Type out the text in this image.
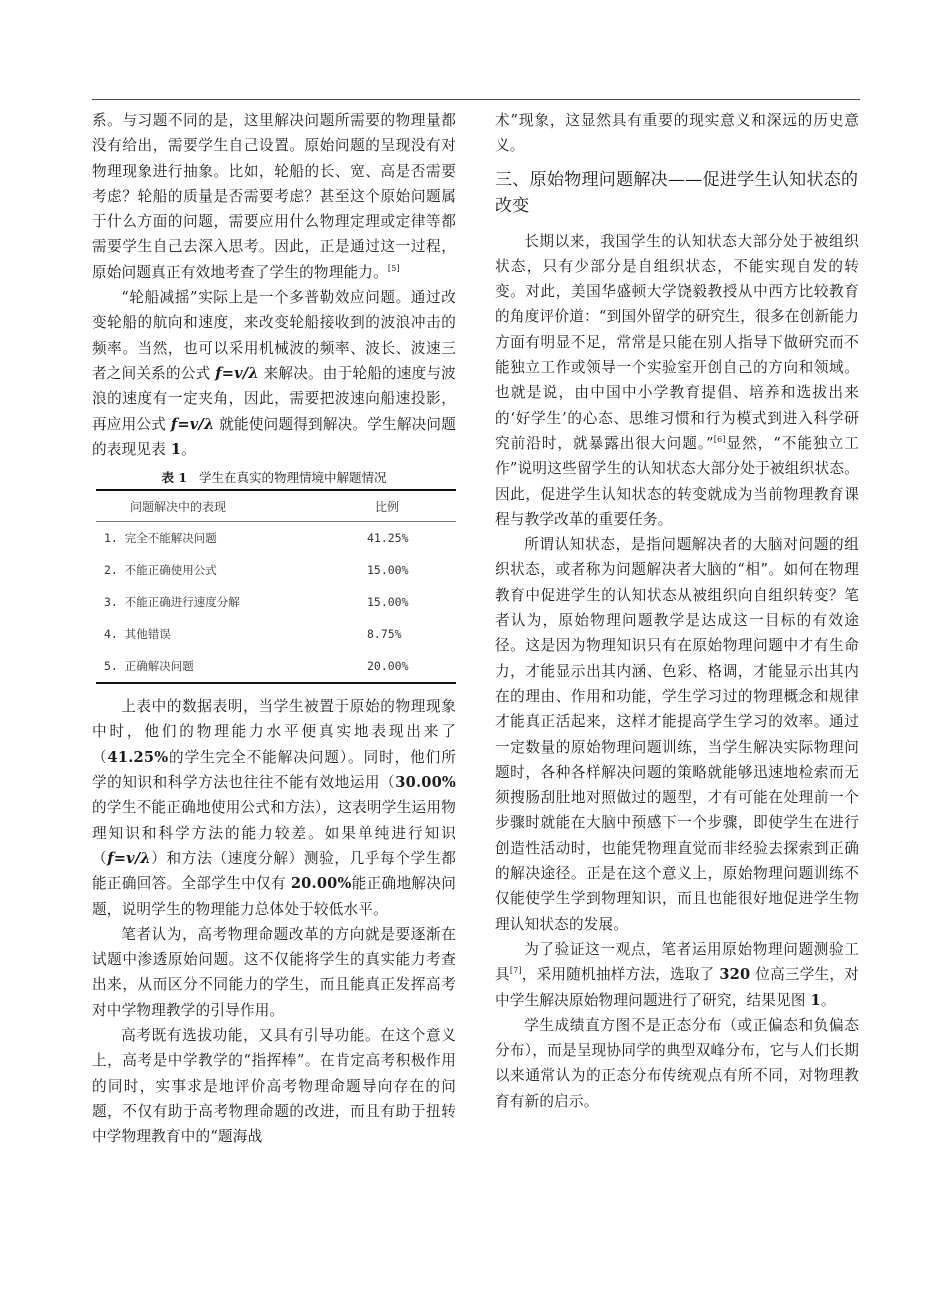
系。与习题不同的是，这里解决问题所需要的物理量都没有给出，需要学生自己设置。原始问题的呈现没有对物理现象进行抽象。比如，轮船的长、宽、高是否需要考虑？轮船的质量是否需要考虑？甚至这个原始问题属于什么方面的问题，需要应用什么物理定理或定律等都需要学生自己去深入思考。因此，正是通过这一过程，原始问题真正有效地考查了学生的物理能力。[5]

“轮船减摇”实际上是一个多普勒效应问题。通过改变轮船的航向和速度，来改变轮船接收到的波浪冲击的频率。当然，也可以采用机械波的频率、波长、波速三者之间关系的公式 f=v/λ 来解决。由于轮船的速度与波浪的速度有一定夹角，因此，需要把波速向船速投影，再应用公式 f=v/λ 就能使问题得到解决。学生解决问题的表现见表 1。

表 1 学生在真实的物理情境中解题情况
问题解决中的表现	比例
1. 完全不能解决问题	41.25%
2. 不能正确使用公式	15.00%
3. 不能正确进行速度分解	15.00%
4. 其他错误	8.75%
5. 正确解决问题	20.00%

上表中的数据表明，当学生被置于原始的物理现象中时，他们的物理能力水平便真实地表现出来了（41.25%的学生完全不能解决问题）。同时，他们所学的知识和科学方法也往往不能有效地运用（30.00%的学生不能正确地使用公式和方法），这表明学生运用物理知识和科学方法的能力较差。如果单纯进行知识（f=v/λ）和方法（速度分解）测验，几乎每个学生都能正确回答。全部学生中仅有 20.00%能正确地解决问题，说明学生的物理能力总体处于较低水平。

笔者认为，高考物理命题改革的方向就是要逐渐在试题中渗透原始问题。这不仅能将学生的真实能力考查出来，从而区分不同能力的学生，而且能真正发挥高考对中学物理教学的引导作用。

高考既有选拔功能，又具有引导功能。在这个意义上，高考是中学教学的“指挥棒”。在肯定高考积极作用的同时，实事求是地评价高考物理命题导向存在的问题，不仅有助于高考物理命题的改进，而且有助于扭转中学物理教育中的“题海战

术”现象，这显然具有重要的现实意义和深远的历史意义。

三、原始物理问题解决——促进学生认知状态的改变

长期以来，我国学生的认知状态大部分处于被组织状态，只有少部分是自组织状态，不能实现自发的转变。对此，美国华盛顿大学饶毅教授从中西方比较教育的角度评价道：“到国外留学的研究生，很多在创新能力方面有明显不足，常常是只能在别人指导下做研究而不能独立工作或领导一个实验室开创自己的方向和领域。也就是说，由中国中小学教育提倡、培养和选拔出来的‘好学生’的心态、思维习惯和行为模式到进入科学研究前沿时，就暴露出很大问题。”[6]显然，“不能独立工作”说明这些留学生的认知状态大部分处于被组织状态。因此，促进学生认知状态的转变就成为当前物理教育课程与教学改革的重要任务。

所谓认知状态，是指问题解决者的大脑对问题的组织状态，或者称为问题解决者大脑的“相”。如何在物理教育中促进学生的认知状态从被组织向自组织转变？笔者认为，原始物理问题教学是达成这一目标的有效途径。这是因为物理知识只有在原始物理问题中才有生命力，才能显示出其内涵、色彩、格调，才能显示出其内在的理由、作用和功能，学生学习过的物理概念和规律才能真正活起来，这样才能提高学生学习的效率。通过一定数量的原始物理问题训练，当学生解决实际物理问题时，各种各样解决问题的策略就能够迅速地检索而无须搜肠刮肚地对照做过的题型，才有可能在处理前一个步骤时就能在大脑中预感下一个步骤，即使学生在进行创造性活动时，也能凭物理直觉而非经验去探索到正确的解决途径。正是在这个意义上，原始物理问题训练不仅能使学生学到物理知识，而且也能很好地促进学生物理认知状态的发展。

为了验证这一观点，笔者运用原始物理问题测验工具[7]，采用随机抽样方法，选取了 320 位高三学生，对中学生解决原始物理问题进行了研究，结果见图 1。

学生成绩直方图不是正态分布（或正偏态和负偏态分布），而是呈现协同学的典型双峰分布，它与人们长期以来通常认为的正态分布传统观点有所不同，对物理教育有新的启示。
